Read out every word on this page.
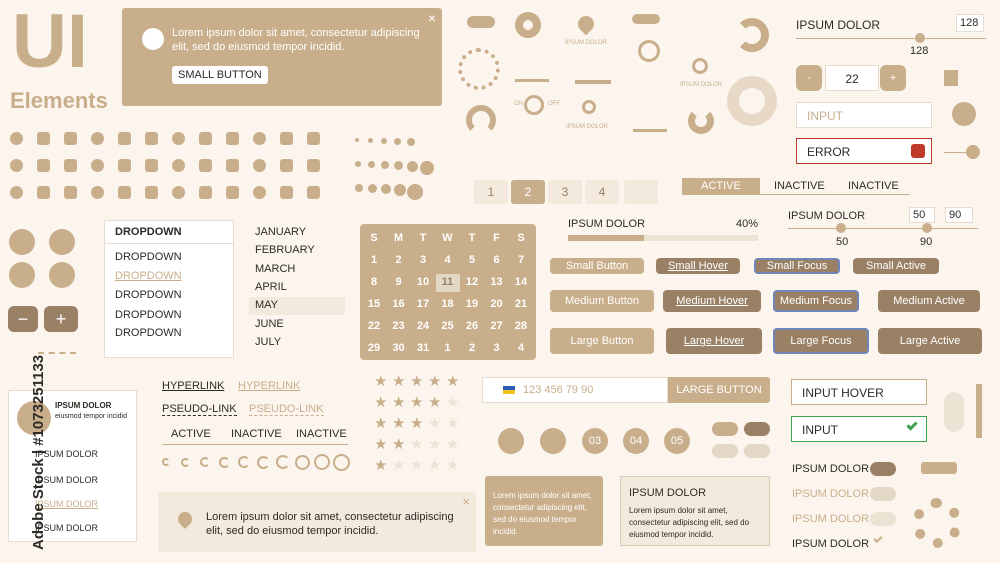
UI
Elements
Lorem ipsum dolor sit amet, consectetur adipiscing elit, sed do eiusmod tempor incidid.
SMALL BUTTON
×
IPSUM DOLOR
ON	OFF
IPSUM DOLOR
IPSUM DOLOR
IPSUM DOLOR	128
128
-	22	+
INPUT
ERROR
1	2	3	4	ACTIVE	INACTIVE INACTIVE
IPSUM DOLOR	40%
IPSUM DOLOR	50	90
50	90
−	+
DROPDOWN
DROPDOWN
DROPDOWN
DROPDOWN
DROPDOWN
DROPDOWN
JANUARY
FEBRUARY
MARCH
APRIL
MAY
JUNE
JULY
S	M	T	W	T	F	S
1	2	3	4	5	6	7
8	9	10	11	12	13	14
15	16	17	18	19	20	21
22	23	24	25	26	27	28
29	30	31	1	2	3	4
Small Button	Small Hover	Small Focus	Small Active
Medium Button	Medium Hover	Medium Focus	Medium Active
Large Button	Large Hover	Large Focus	Large Active
IPSUM DOLOR
eiusmod tempor incidid
IPSUM DOLOR
IPSUM DOLOR
IPSUM DOLOR
IPSUM DOLOR
Adobe Stock | #1073251133	HYPERLINK HYPERLINK
PSEUDO-LINK PSEUDO-LINK
ACTIVE INACTIVE INACTIVE
★ ★ ★ ★ ★
★ ★ ★ ★ ★
★ ★ ★ ★ ★
★ ★ ★ ★ ★
★ ★ ★ ★ ★
123 456 79 90	LARGE BUTTON
03	04	05
Lorem ipsum dolor sit amet, consectetur adipiscing elit, sed do eiusmod tempor incidid.
×	Lorem ipsum dolor sit amet, consectetur adipiscing elit, sed do eiusmod tempor incidid.
IPSUM DOLOR
Lorem ipsum dolor sit amet, consectetur adipiscing elit, sed do eiusmod tempor incidid.
INPUT HOVER
INPUT
IPSUM DOLOR
IPSUM DOLOR
IPSUM DOLOR
IPSUM DOLOR
